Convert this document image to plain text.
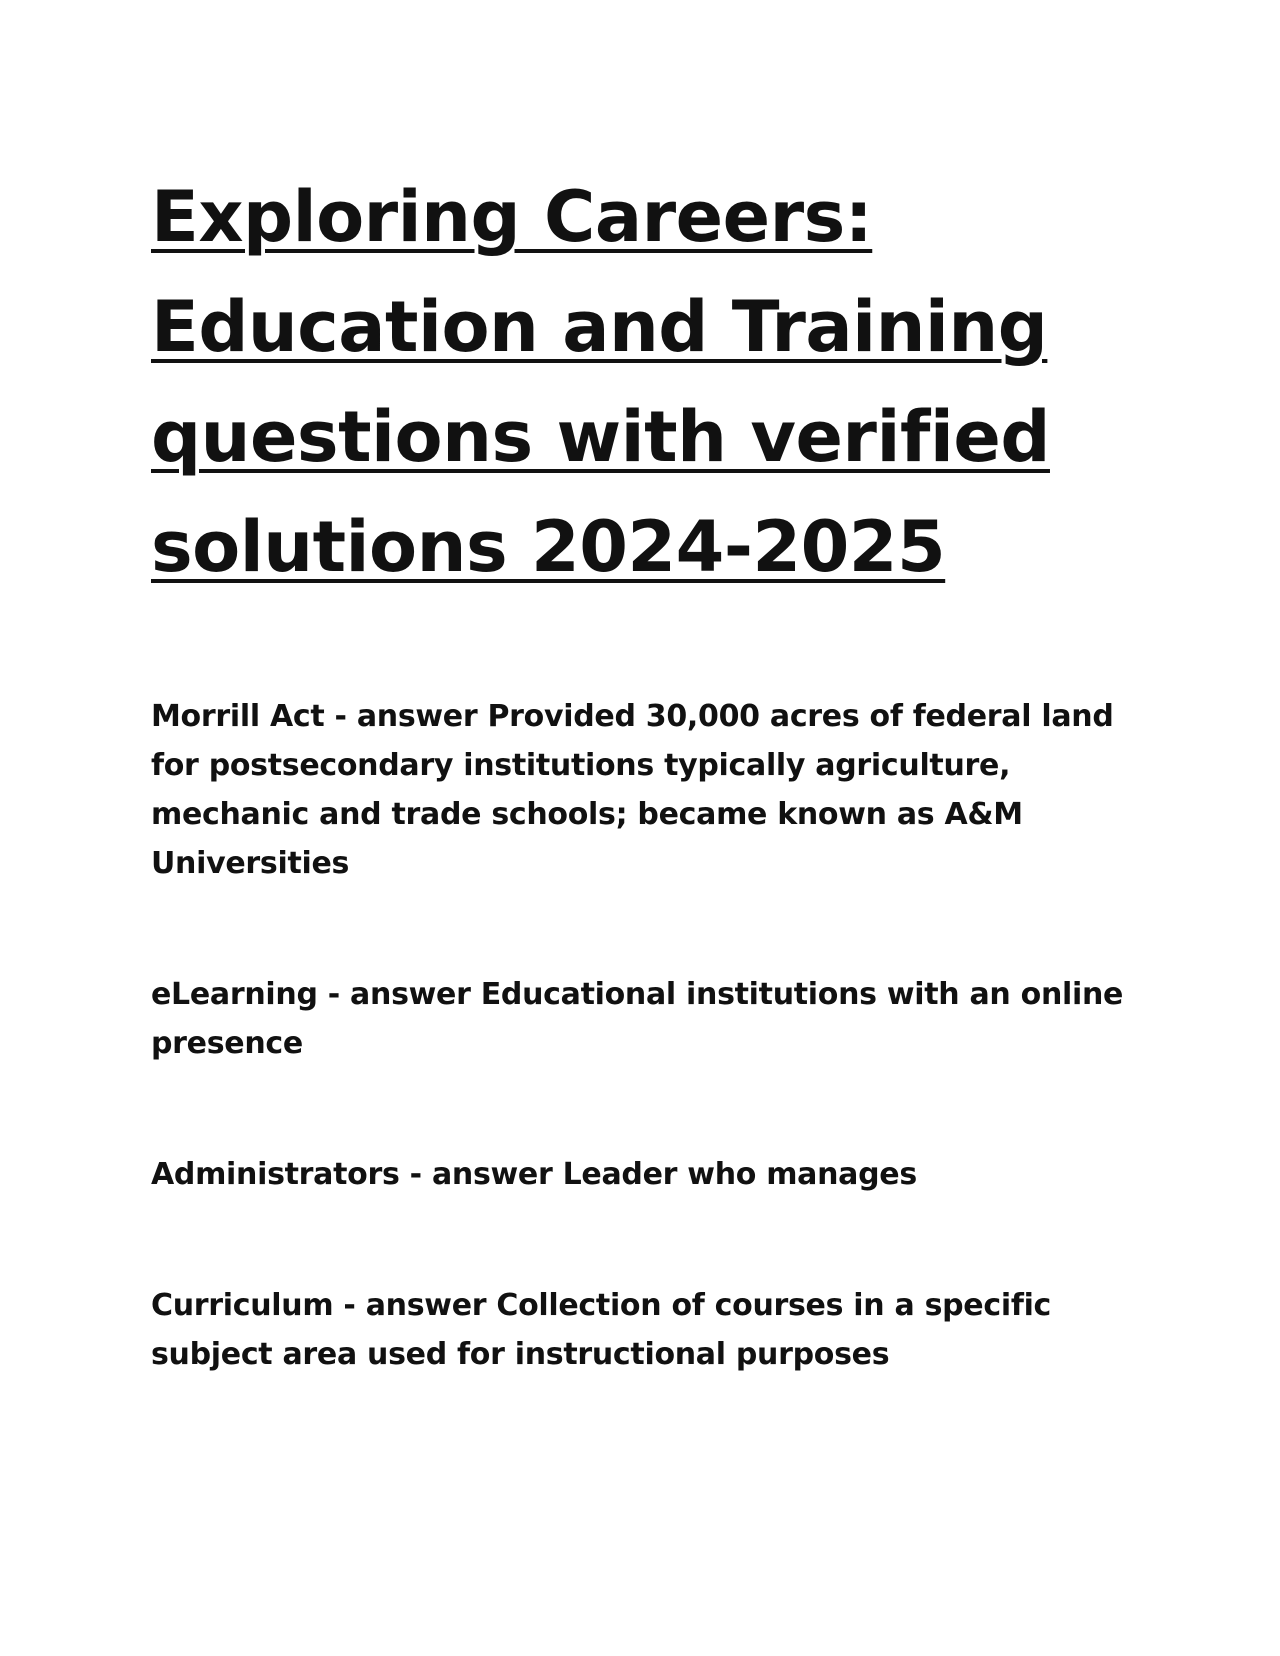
Exploring Careers:
Education and Training
questions with verified
solutions 2024-2025

Morrill Act - answer Provided 30,000 acres of federal land for postsecondary institutions typically agriculture, mechanic and trade schools; became known as A&M Universities

eLearning - answer Educational institutions with an online presence

Administrators - answer Leader who manages

Curriculum - answer Collection of courses in a specific subject area used for instructional purposes
